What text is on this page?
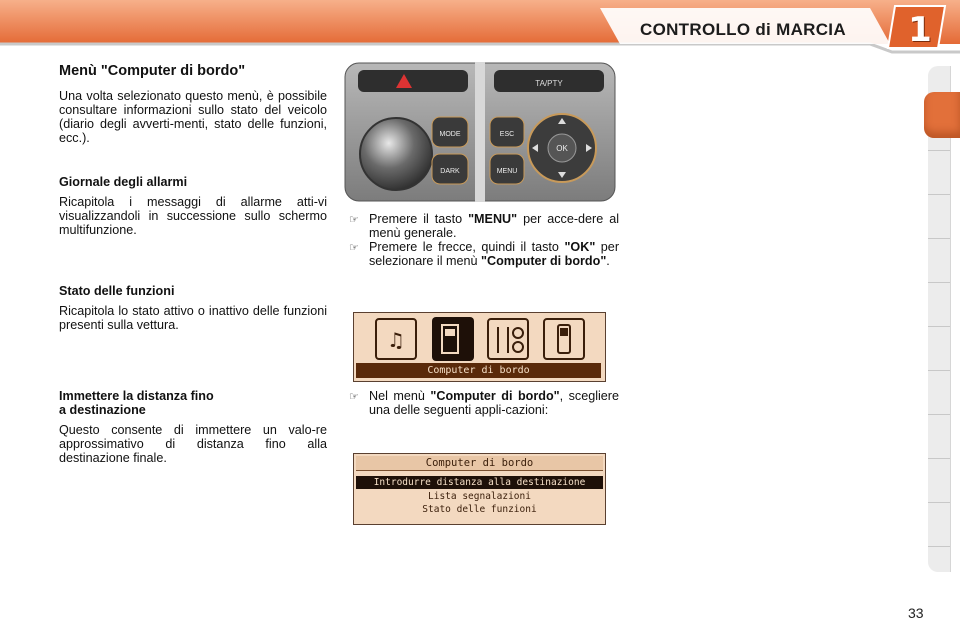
CONTROLLO di MARCIA 1
Menù "Computer di bordo"

Una volta selezionato questo menù, è possibile consultare informazioni sullo stato del veicolo (diario degli avverti-menti, stato delle funzioni, ecc.).

Giornale degli allarmi

Ricapitola i messaggi di allarme atti-vi visualizzandoli in successione sullo schermo multifunzione.

Stato delle funzioni

Ricapitola lo stato attivo o inattivo delle funzioni presenti sulla vettura.

Immettere la distanza fino
a destinazione

Questo consente di immettere un valo-re approssimativo di distanza fino alla destinazione finale.

TA/PTY
MODE
DARK
ESC
MENU
OK
☞ Premere il tasto "MENU" per acce-dere al menù generale.
☞ Premere le frecce, quindi il tasto "OK" per selezionare il menù "Computer di bordo".
♫
Computer di bordo
☞ Nel menù "Computer di bordo", scegliere una delle seguenti appli-cazioni:
Computer di bordo
Introdurre distanza alla destinazione
Lista segnalazioni
Stato delle funzioni
33
